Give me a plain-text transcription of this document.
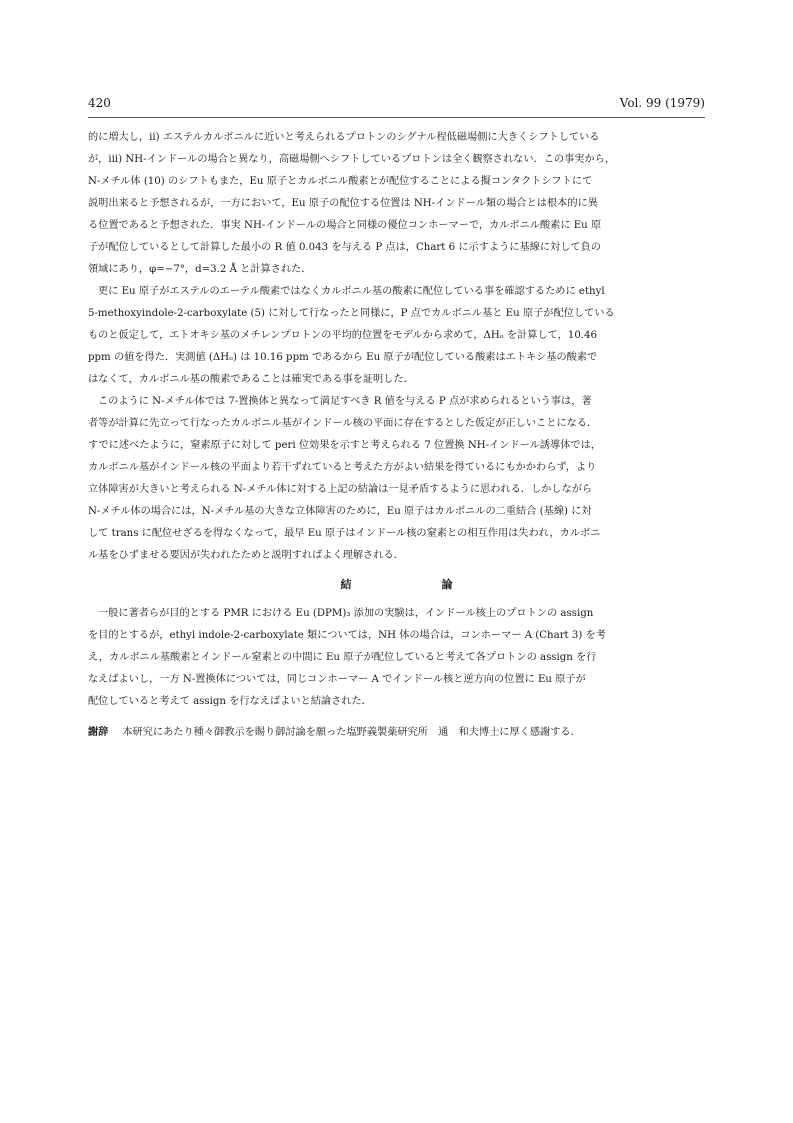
420	Vol. 99 (1979)
的に増大し，ii) エステルカルボニルに近いと考えられるプロトンのシグナル程低磁場側に大きくシフトしている
が，iii) NH-インドールの場合と異なり，高磁場側へシフトしているプロトンは全く観察されない．この事実から，
N-メチル体 (10) のシフトもまた，Eu 原子とカルボニル酸素とが配位することによる擬コンタクトシフトにて
説明出来ると予想されるが，一方において，Eu 原子の配位する位置は NH-インドール類の場合とは根本的に異
る位置であると予想された．事実 NH-インドールの場合と同様の優位コンホーマーで，カルボニル酸素に Eu 原
子が配位しているとして計算した最小の R 値 0.043 を与える P 点は，Chart 6 に示すように基線に対して負の
領域にあり，φ=−7°，d=3.2 Å と計算された．
更に Eu 原子がエステルのエーテル酸素ではなくカルボニル基の酸素に配位している事を確認するために ethyl
5-methoxyindole-2-carboxylate (5) に対して行なったと同様に，P 点でカルボニル基と Eu 原子が配位している
ものと仮定して，エトオキシ基のメチレンプロトンの平均的位置をモデルから求めて，ΔHₒ を計算して，10.46
ppm の値を得た．実測値 (ΔHₒ) は 10.16 ppm であるから Eu 原子が配位している酸素はエトキシ基の酸素で
はなくて，カルボニル基の酸素であることは確実である事を証明した．
このように N-メチル体では 7-置換体と異なって満足すべき R 値を与える P 点が求められるという事は，著
者等が計算に先立って行なったカルボニル基がインドール核の平面に存在するとした仮定が正しいことになる．
すでに述べたように，窒素原子に対して peri 位効果を示すと考えられる 7 位置換 NH-インドール誘導体では，
カルボニル基がインドール核の平面より若干ずれていると考えた方がよい結果を得ているにもかかわらず，より
立体障害が大きいと考えられる N-メチル体に対する上記の結論は一見矛盾するように思われる．しかしながら
N-メチル体の場合には，N-メチル基の大きな立体障害のために，Eu 原子はカルボニルの二重結合 (基線) に対
して trans に配位せざるを得なくなって，最早 Eu 原子はインドール核の窒素との相互作用は失われ，カルボニ
ル基をひずませる要因が失われたためと説明すればよく理解される．
結	論
一般に著者らが目的とする PMR における Eu (DPM)₃ 添加の実験は，インドール核上のプロトンの assign
を目的とするが，ethyl indole-2-carboxylate 類については，NH 体の場合は，コンホーマー A (Chart 3) を考
え，カルボニル基酸素とインドール窒素との中間に Eu 原子が配位していると考えて各プロトンの assign を行
なえばよいし，一方 N-置換体については，同じコンホーマー A でインドール核と逆方向の位置に Eu 原子が
配位していると考えて assign を行なえばよいと結論された．
謝辞 本研究にあたり種々御教示を賜り御討論を願った塩野義製薬研究所　通　和夫博士に厚く感謝する．
